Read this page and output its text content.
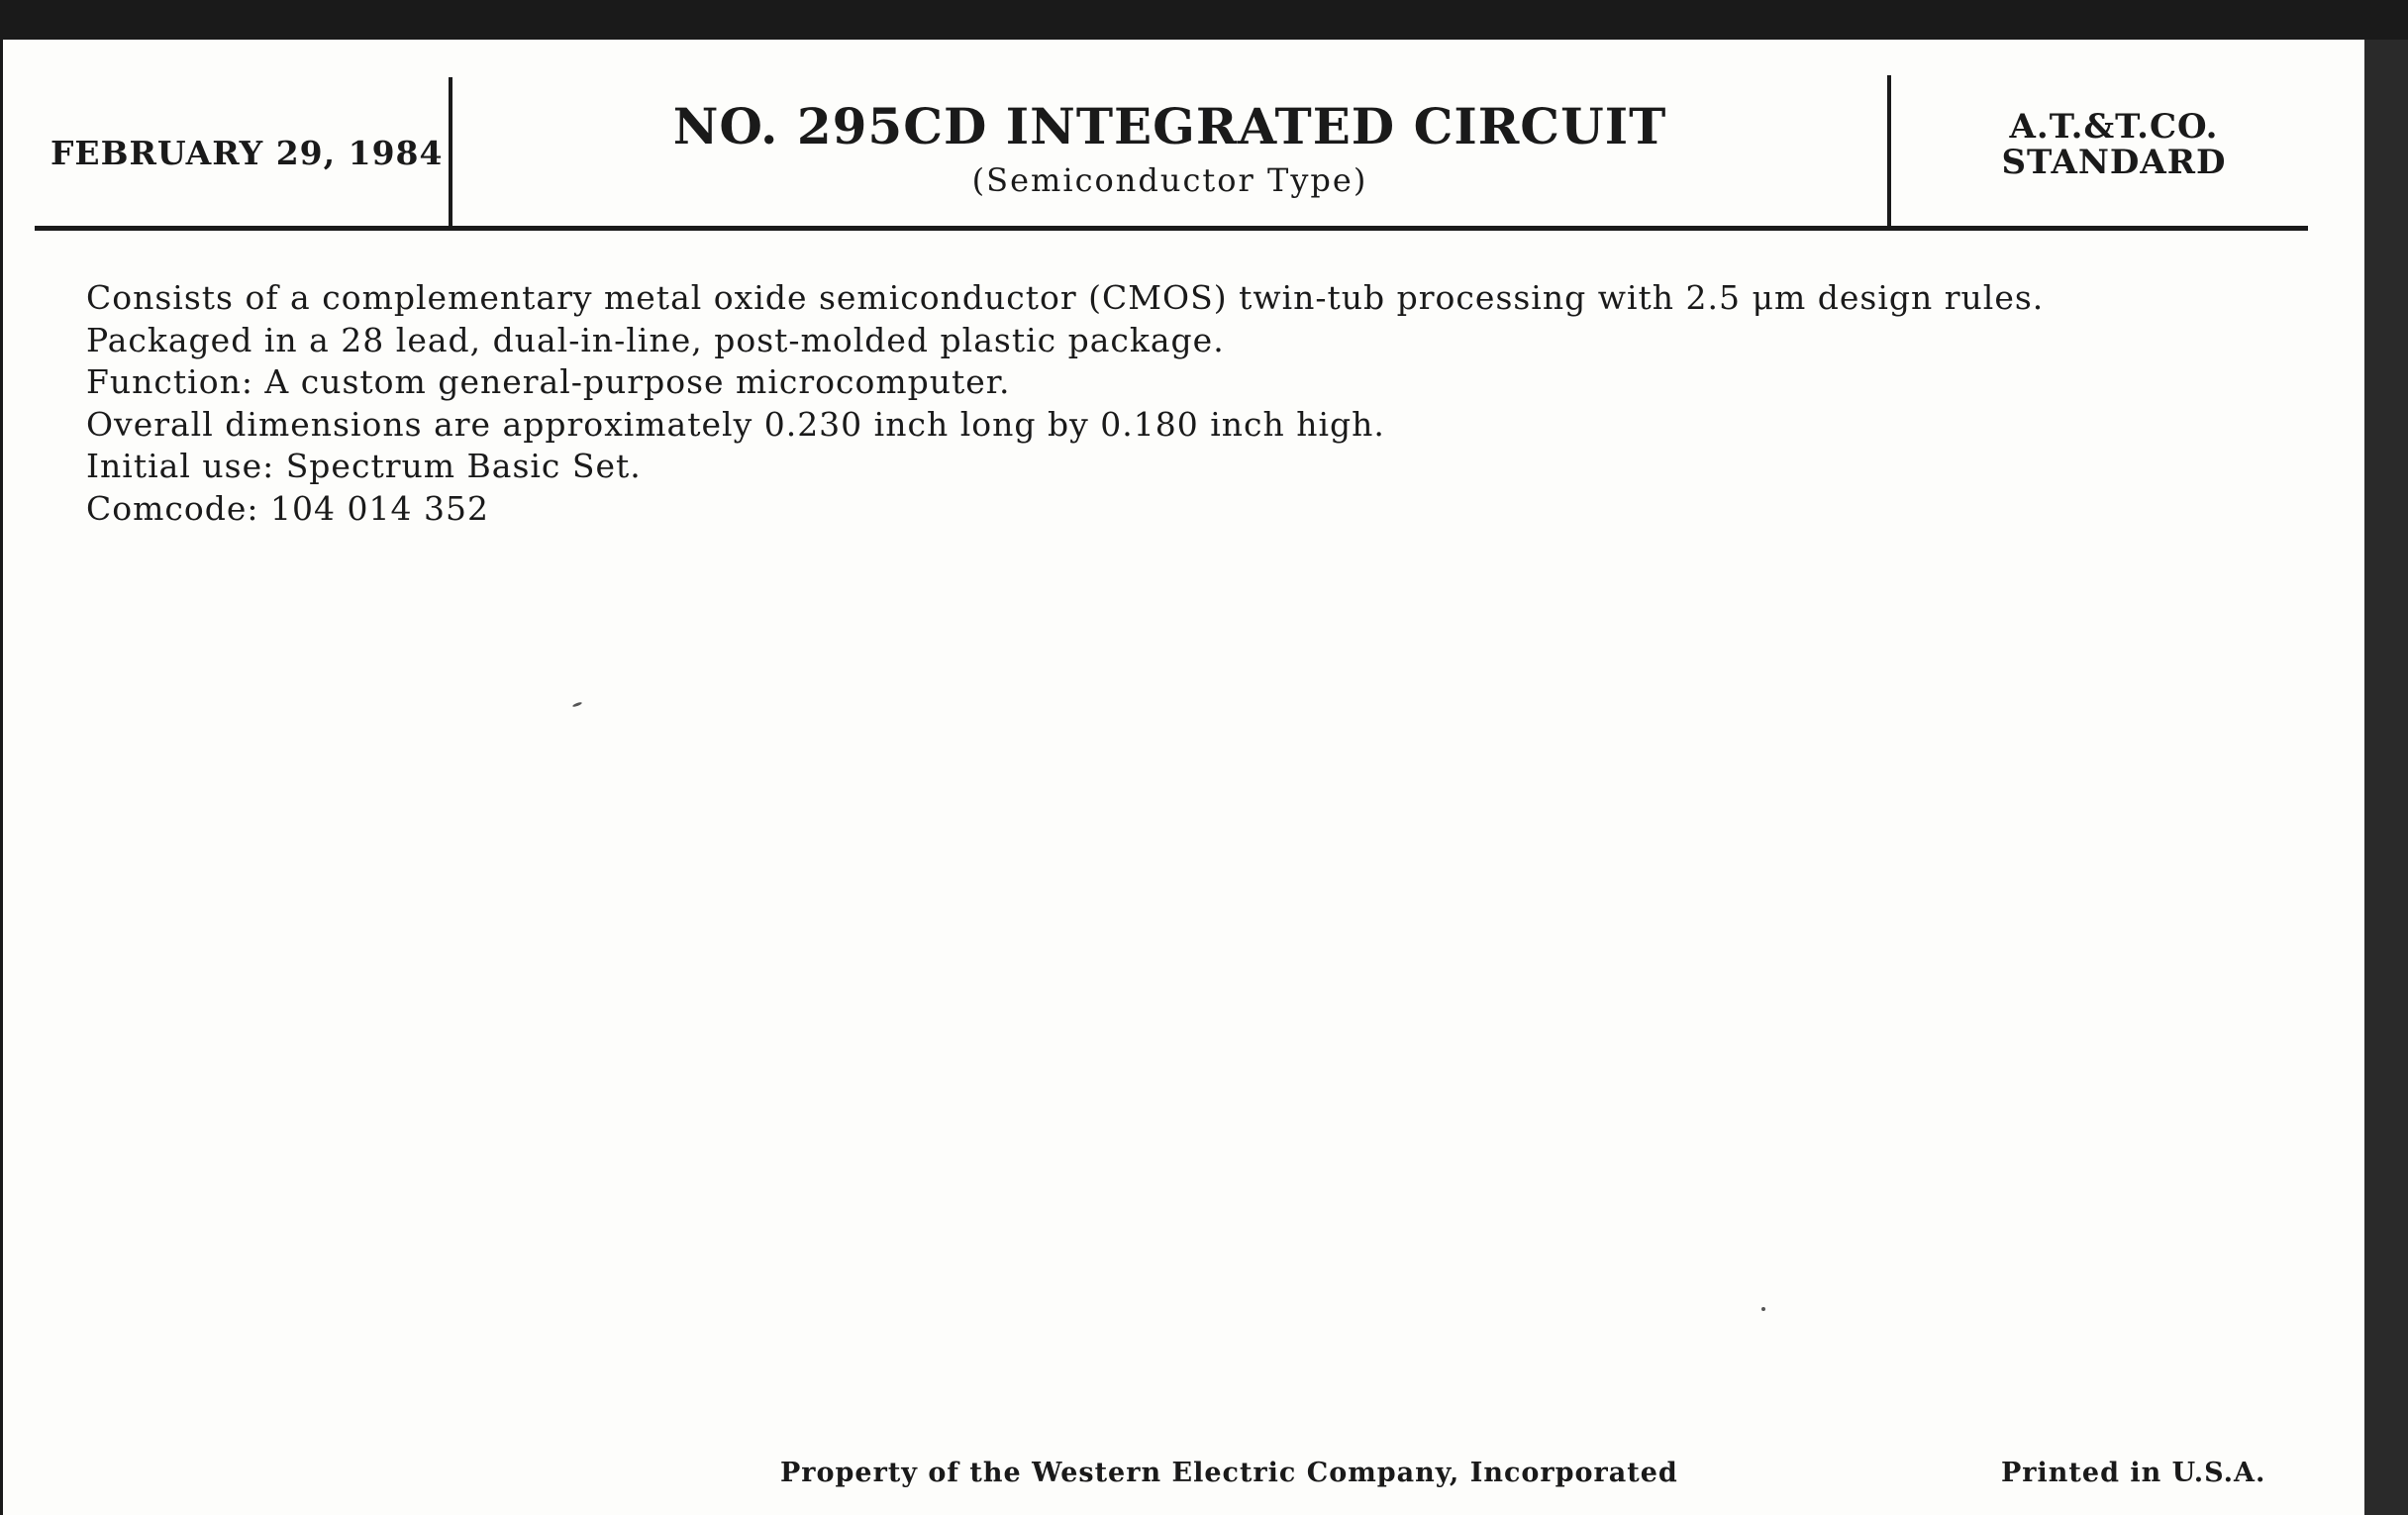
FEBRUARY 29, 1984	NO. 295CD INTEGRATED CIRCUIT
(Semiconductor Type)
A.T.&T.CO.
STANDARD
Consists of a complementary metal oxide semiconductor (CMOS) twin-tub processing with 2.5 μm design rules.
Packaged in a 28 lead, dual-in-line, post-molded plastic package.
Function: A custom general-purpose microcomputer.
Overall dimensions are approximately 0.230 inch long by 0.180 inch high.
Initial use: Spectrum Basic Set.
Comcode: 104 014 352
Property of the Western Electric Company, Incorporated	Printed in U.S.A.
